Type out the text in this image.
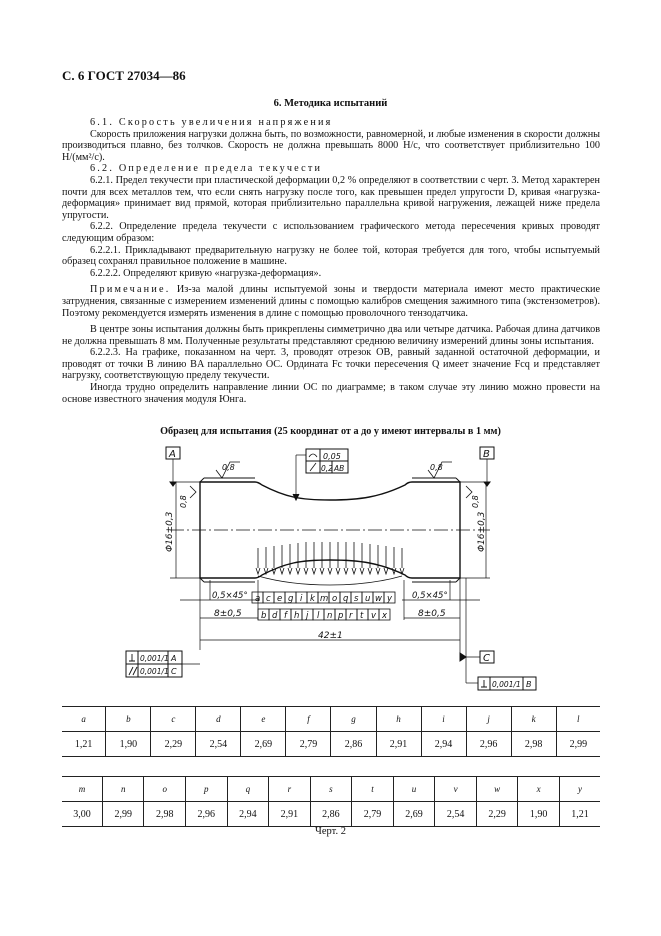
С. 6 ГОСТ 27034—86
6. Методика испытаний

6.1. Скорость увеличения напряжения

Скорость приложения нагрузки должна быть, по возможности, равномерной, и любые изменения в скорости должны производиться плавно, без толчков. Скорость не должна превышать 8000 Н/с, что соответствует приблизительно 100 Н/(мм²/с).

6.2. Определение предела текучести

6.2.1. Предел текучести при пластической деформации 0,2 % определяют в соответствии с черт. 3. Метод характерен почти для всех металлов тем, что если снять нагрузку после того, как превышен предел упругости D, кривая «нагрузка-деформация» принимает вид прямой, которая приблизительно параллельна кривой нагружения, лежащей ниже предела упругости.

6.2.2. Определение предела текучести с использованием графического метода пересечения кривых проводят следующим образом:

6.2.2.1. Прикладывают предварительную нагрузку не более той, которая требуется для того, чтобы испытуемый образец сохранял правильное положение в машине.

6.2.2.2. Определяют кривую «нагрузка-деформация».

Примечание. Из-за малой длины испытуемой зоны и твердости материала имеют место практические затруднения, связанные с измерением изменений длины с помощью калибров смещения зажимного типа (экстензометров). Поэтому рекомендуется измерять изменения в длине с помощью проволочного тензодатчика.

В центре зоны испытания должны быть прикреплены симметрично два или четыре датчика. Рабочая длина датчиков не должна превышать 8 мм. Полученные результаты представляют среднюю величину измерений длины зоны испытания.

6.2.2.3. На графике, показанном на черт. 3, проводят отрезок OB, равный заданной остаточной деформации, и проводят от точки B линию BA параллельно OC. Ордината Fc точки пересечения Q имеет значение Fcq и представляет нагрузку, соответствующую пределу текучести.

Иногда трудно определить направление линии OC по диаграмме; в таком случае эту линию можно провести на основе известного значения модуля Юнга.

Образец для испытания (25 координат от a до y имеют интервалы в 1 мм)
A	B
C
0,8	0,8
0,8	0,8
0,05
0,2 AB
Φ16±0,3	Φ16±0,3
0,5×45°	0,5×45°
8±0,5	8±0,5
42±1
0,001/1 B
0,001/1 A
0,001/1 C
a c e g i k m o q s u w y
b d f h j l n p r t v x
a	b	c	d	e	f	g	h	i	j	k	l
1,21	1,90	2,29	2,54	2,69	2,79	2,86	2,91	2,94	2,96	2,98	2,99
m	n	o	p	q	r	s	t	u	v	w	x	y
3,00	2,99	2,98	2,96	2,94	2,91	2,86	2,79	2,69	2,54	2,29	1,90	1,21
Черт. 2
